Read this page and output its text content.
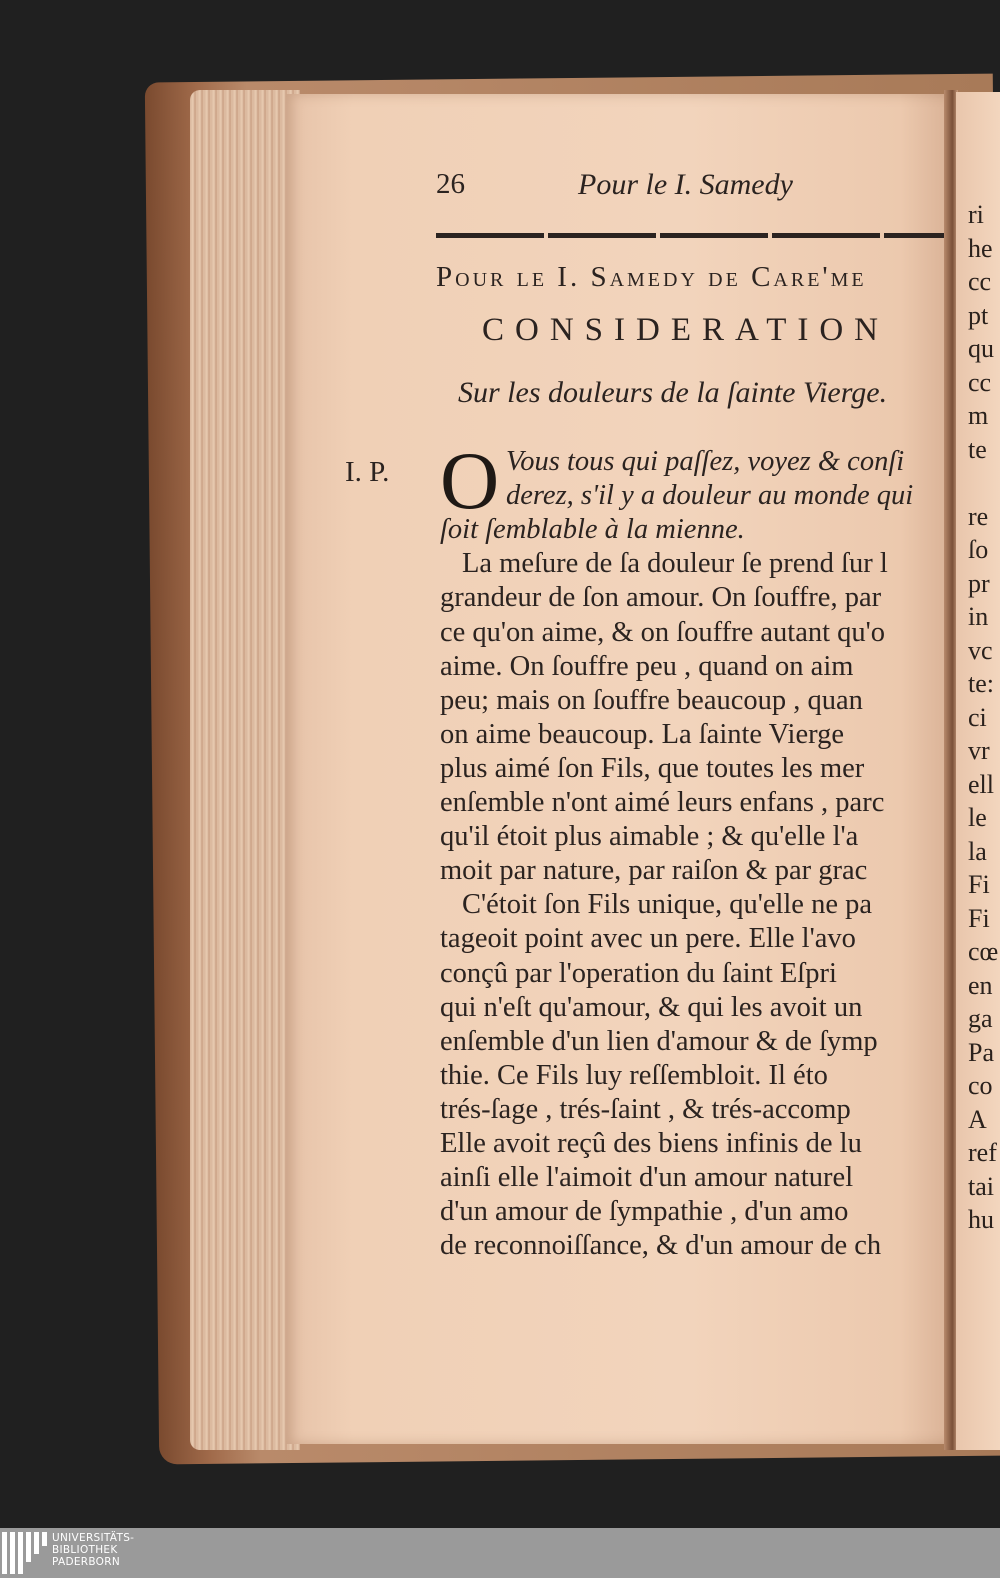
ri
he
cc
pt
qu
cc
m
te
re
ſo
pr
in
vc
te:
ci
vr
ell
le
la
Fi
Fi
cœ
en
ga
Pa
co
A
ref
tai
hu
26	Pour le I. Samedy
Pour le I. Samedy de Care'me
CONSIDERATION
Sur les douleurs de la ſainte Vierge.
I. P. O Vous tous qui paſſez, voyez & conſi
derez, s'il y a douleur au monde qui
ſoit ſemblable à la mienne.
La meſure de ſa douleur ſe prend ſur l
grandeur de ſon amour. On ſouffre, par
ce qu'on aime, & on ſouffre autant qu'o
aime. On ſouffre peu , quand on aim
peu; mais on ſouffre beaucoup , quan
on aime beaucoup. La ſainte Vierge
plus aimé ſon Fils, que toutes les mer
enſemble n'ont aimé leurs enfans , parc
qu'il étoit plus aimable ; & qu'elle l'a
moit par nature, par raiſon & par grac
C'étoit ſon Fils unique, qu'elle ne pa
tageoit point avec un pere. Elle l'avo
conçû par l'operation du ſaint Eſpri
qui n'eſt qu'amour, & qui les avoit un
enſemble d'un lien d'amour & de ſymp
thie. Ce Fils luy reſſembloit. Il éto
trés-ſage , trés-ſaint , & trés-accomp
Elle avoit reçû des biens infinis de lu
ainſi elle l'aimoit d'un amour naturel
d'un amour de ſympathie , d'un amo
de reconnoiſſance, & d'un amour de ch
UNIVERSITÄTS-
BIBLIOTHEK
PADERBORN
